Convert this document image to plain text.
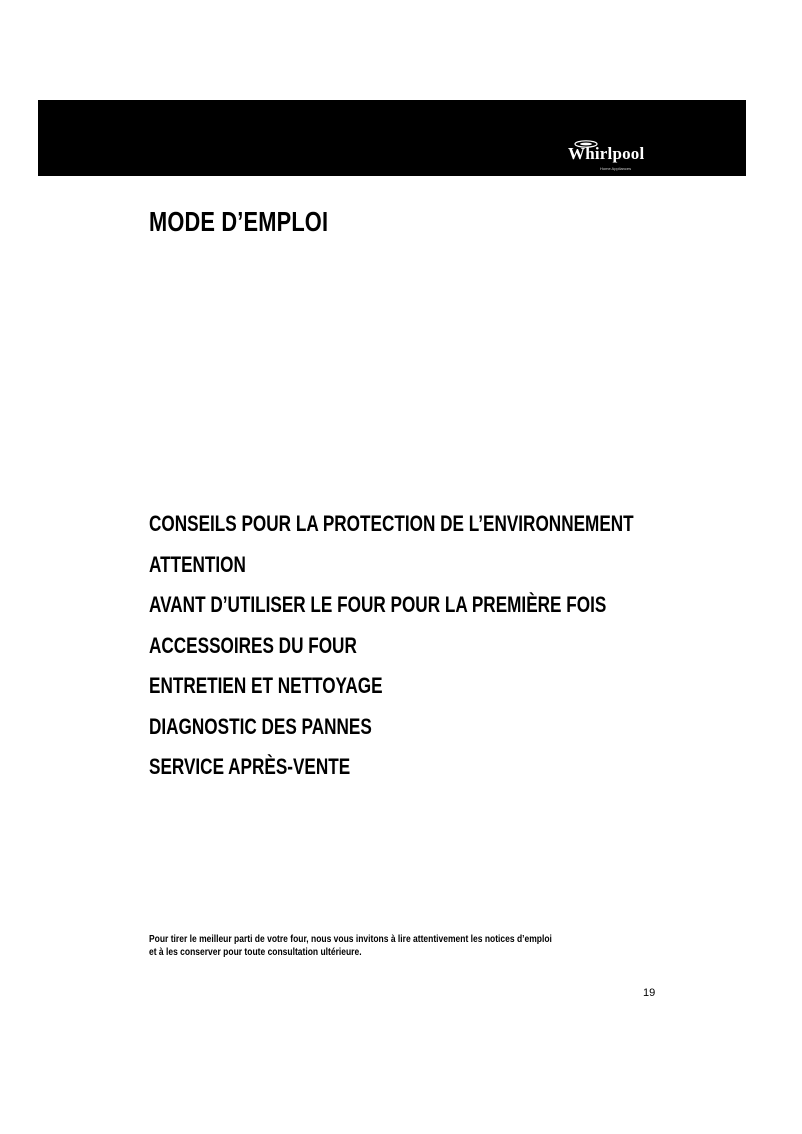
Whirlpool
Home Appliances
MODE D’EMPLOI
CONSEILS POUR LA PROTECTION DE L’ENVIRONNEMENT
ATTENTION
AVANT D’UTILISER LE FOUR POUR LA PREMIÈRE FOIS
ACCESSOIRES DU FOUR
ENTRETIEN ET NETTOYAGE
DIAGNOSTIC DES PANNES
SERVICE APRÈS-VENTE

Pour tirer le meilleur parti de votre four, nous vous invitons à lire attentivement les notices d’emploi
et à les conserver pour toute consultation ultérieure.

19
